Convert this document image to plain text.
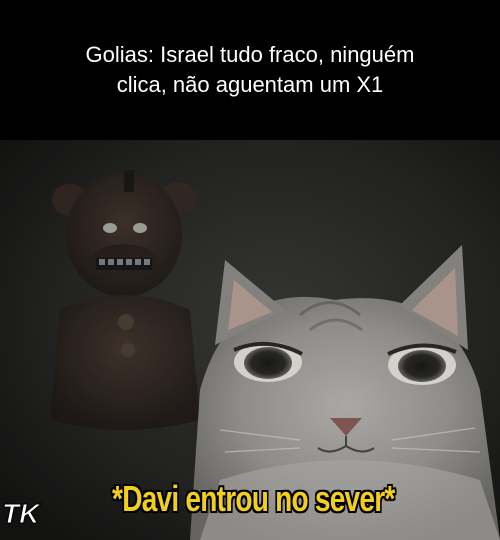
Golias: Israel tudo fraco, ninguém
clica, não aguentam um X1

*Davi entrou no sever*

TK
